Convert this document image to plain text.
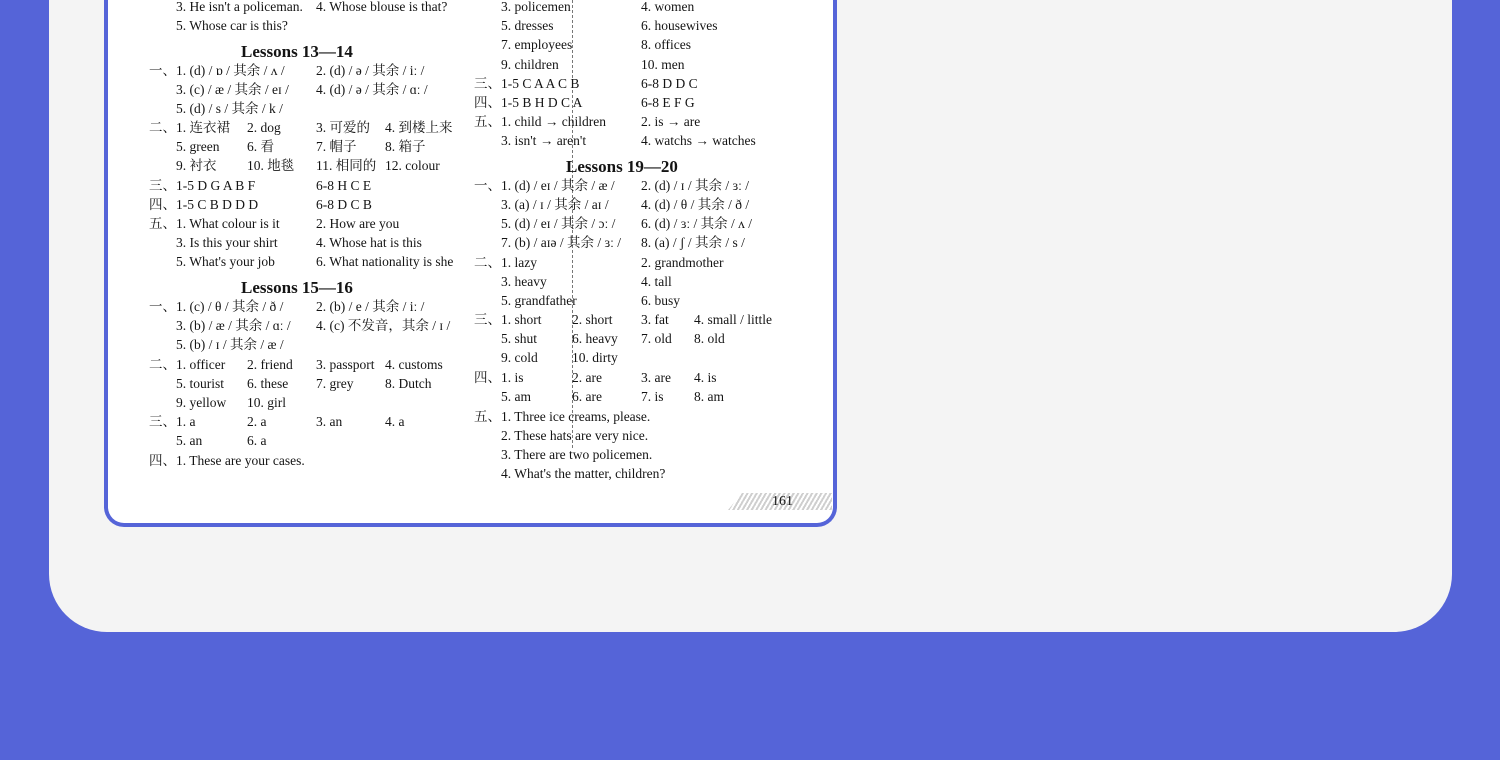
3. He isn't a policeman. 4. Whose blouse is that?
5. Whose car is this?
Lessons 13—14
一、 1. (d) / ɒ / 其余 / ʌ / 2. (d) / ə / 其余 / iː /
3. (c) / æ / 其余 / eɪ / 4. (d) / ə / 其余 / ɑː /
5. (d) / s / 其余 / k /
二、 1. 连衣裙 2. dog	3. 可爱的 4. 到楼上来
5. green 6. 看	7. 帽子 8. 箱子
9. 衬衣 10. 地毯 11. 相同的 12. colour
三、 1-5 D G A B F	6-8 H C E
四、 1-5 C B D D D	6-8 D C B
五、 1. What colour is it	2. How are you
3. Is this your shirt	4. Whose hat is this
5. What's your job	6. What nationality is she
Lessons 15—16
一、 1. (c) / θ / 其余 / ð / 2. (b) / e / 其余 / iː /
3. (b) / æ / 其余 / ɑː / 4. (c) 不发音，其余 / ɪ /
5. (b) / ɪ / 其余 / æ /
二、 1. officer 2. friend 3. passport 4. customs
5. tourist 6. these 7. grey 8. Dutch
9. yellow 10. girl
三、 1. a	2. a	3. an	4. a
5. an	6. a
四、 1. These are your cases.
3. policemen	4. women
5. dresses	6. housewives
7. employees	8. offices
9. children	10. men
三、 1-5 C A A C B	6-8 D D C
四、 1-5 B H D C A	6-8 E F G
五、 1. child → children	2. is → are
3. isn't → aren't	4. watchs → watches
Lessons 19—20
一、 1. (d) / eɪ / 其余 / æ / 2. (d) / ɪ / 其余 / ɜː /
3. (a) / ɪ / 其余 / aɪ / 4. (d) / θ / 其余 / ð /
5. (d) / eɪ / 其余 / ɔː / 6. (d) / ɜː / 其余 / ʌ /
7. (b) / aɪə / 其余 / ɜː / 8. (a) / ʃ / 其余 / s /
二、 1. lazy	2. grandmother
3. heavy	4. tall
5. grandfather	6. busy
三、 1. short 2. short 3. fat 4. small / little
5. shut	6. heavy 7. old 8. old
9. cold	10. dirty
四、 1. is	2. are	3. are 4. is
5. am	6. are	7. is 8. am
五、 1. Three ice creams, please.
2. These hats are very nice.
3. There are two policemen.
4. What's the matter, children?
161
